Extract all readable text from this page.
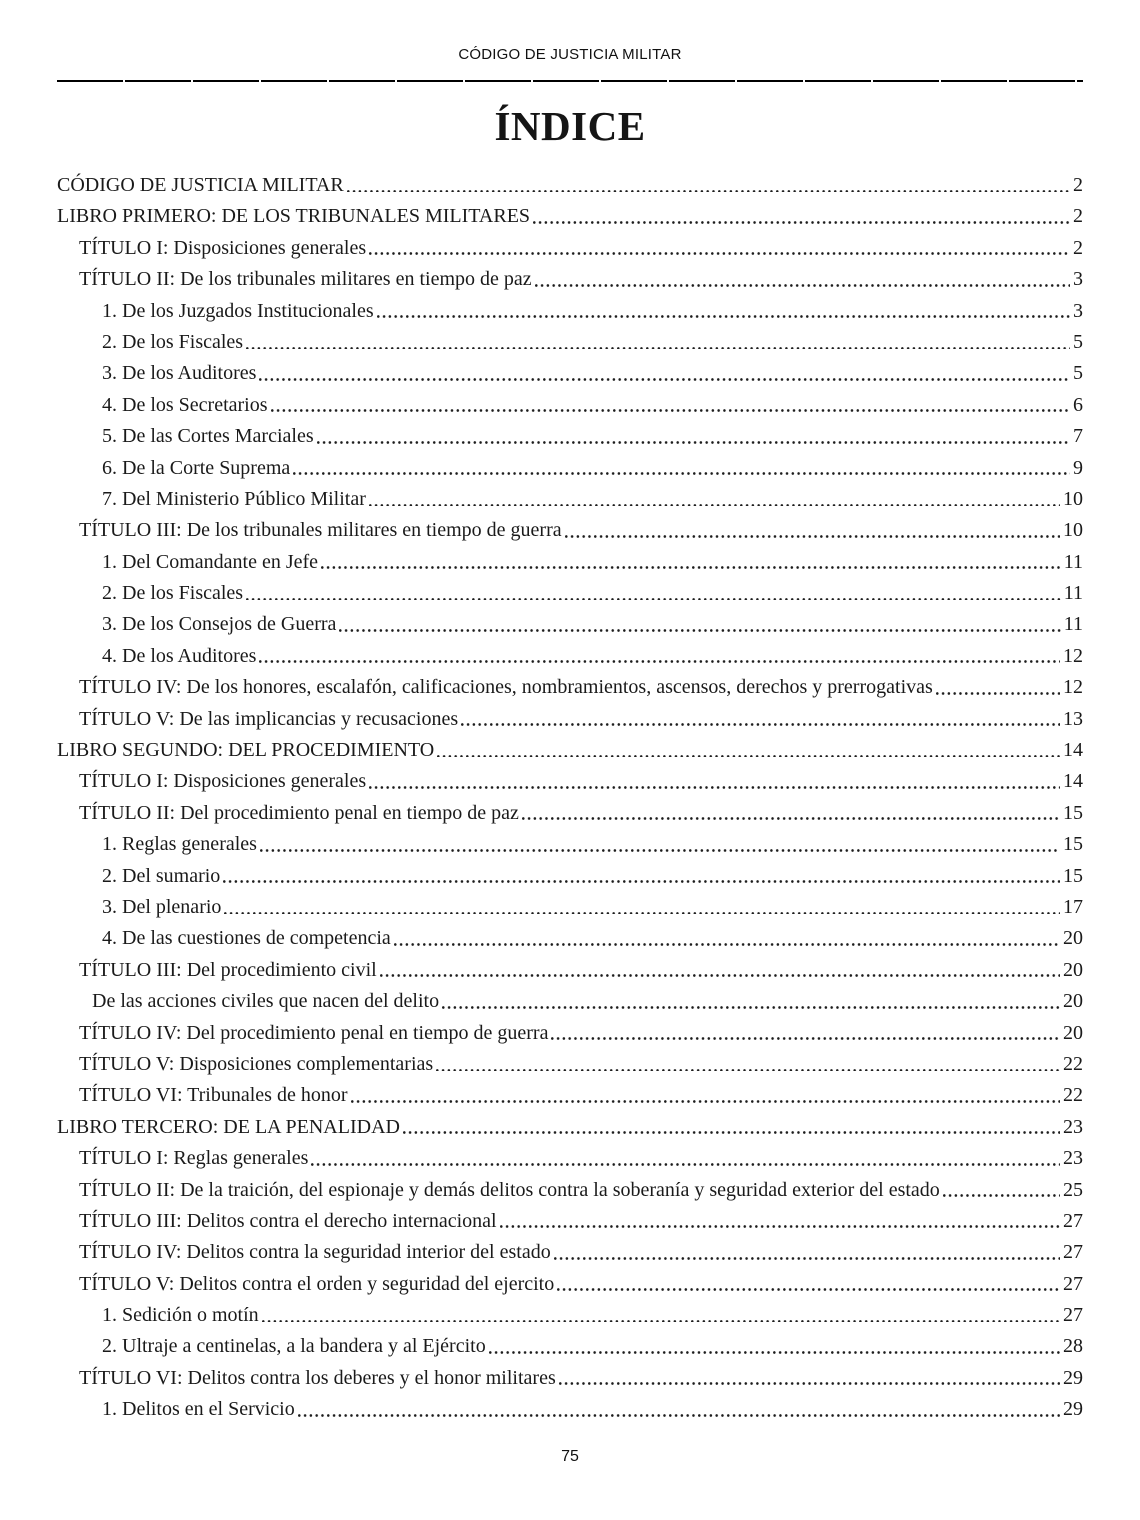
CÓDIGO DE JUSTICIA MILITAR
ÍNDICE
CÓDIGO DE JUSTICIA MILITAR	2
LIBRO PRIMERO: DE LOS TRIBUNALES MILITARES	2
TÍTULO I: Disposiciones generales	2
TÍTULO II: De los tribunales militares en tiempo de paz	3
1. De los Juzgados Institucionales	3
2. De los Fiscales	5
3. De los Auditores	5
4. De los Secretarios	6
5. De las Cortes Marciales	7
6. De la Corte Suprema	9
7. Del Ministerio Público Militar	10
TÍTULO III: De los tribunales militares en tiempo de guerra	10
1. Del Comandante en Jefe	11
2. De los Fiscales	11
3. De los Consejos de Guerra	11
4. De los Auditores	12
TÍTULO IV: De los honores, escalafón, calificaciones, nombramientos, ascensos, derechos y prerrogativas	12
TÍTULO V: De las implicancias y recusaciones	13
LIBRO SEGUNDO: DEL PROCEDIMIENTO	14
TÍTULO I: Disposiciones generales	14
TÍTULO II: Del procedimiento penal en tiempo de paz	15
1. Reglas generales	15
2. Del sumario	15
3. Del plenario	17
4. De las cuestiones de competencia	20
TÍTULO III: Del procedimiento civil	20
De las acciones civiles que nacen del delito	20
TÍTULO IV: Del procedimiento penal en tiempo de guerra	20
TÍTULO V: Disposiciones complementarias	22
TÍTULO VI: Tribunales de honor	22
LIBRO TERCERO: DE LA PENALIDAD	23
TÍTULO I: Reglas generales	23
TÍTULO II: De la traición, del espionaje y demás delitos contra la soberanía y seguridad exterior del estado	25
TÍTULO III: Delitos contra el derecho internacional	27
TÍTULO IV: Delitos contra la seguridad interior del estado	27
TÍTULO V: Delitos contra el orden y seguridad del ejercito	27
1. Sedición o motín	27
2. Ultraje a centinelas, a la bandera y al Ejército	28
TÍTULO VI: Delitos contra los deberes y el honor militares	29
1. Delitos en el Servicio	29
75
